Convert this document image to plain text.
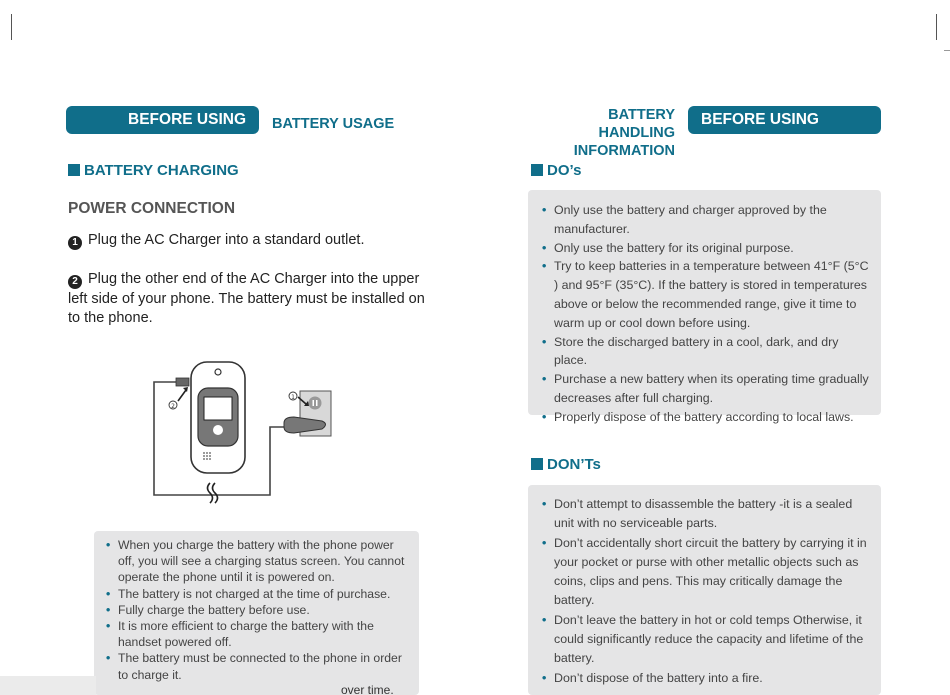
BEFORE USING	BATTERY USAGE
BATTERY HANDLING
INFORMATION
BEFORE USING
BATTERY CHARGING
POWER CONNECTION
1 Plug the AC Charger into a standard outlet.
2 Plug the other end of the AC Charger into the upper left side of your phone. The battery must be installed on to the phone.
2
1
• When you charge the battery with the phone power off, you will see a charging status screen. You cannot operate the phone until it is powered on.
• The battery is not charged at the time of purchase.
• Fully charge the battery before use.
• It is more efficient to charge the battery with the handset powered off.
• The battery must be connected to the phone in order to charge it.
over time.
DO’s
• Only use the battery and charger approved by the manufacturer.
• Only use the battery for its original purpose.
• Try to keep batteries in a temperature between 41°F (5°C ) and 95°F (35°C). If the battery is stored in temperatures above or below the recommended range, give it time to warm up or cool down before using.
• Store the discharged battery in a cool, dark, and dry place.
• Purchase a new battery when its operating time gradually decreases after full charging.
• Properly dispose of the battery according to local laws.
DON’Ts
• Don’t attempt to disassemble the battery -it is a sealed unit with no serviceable parts.
• Don’t accidentally short circuit the battery by carrying it in your pocket or purse with other metallic objects such as coins, clips and pens. This may critically damage the battery.
• Don’t leave the battery in hot or cold temps Otherwise, it could significantly reduce the capacity and lifetime of the battery.
• Don’t dispose of the battery into a fire.
